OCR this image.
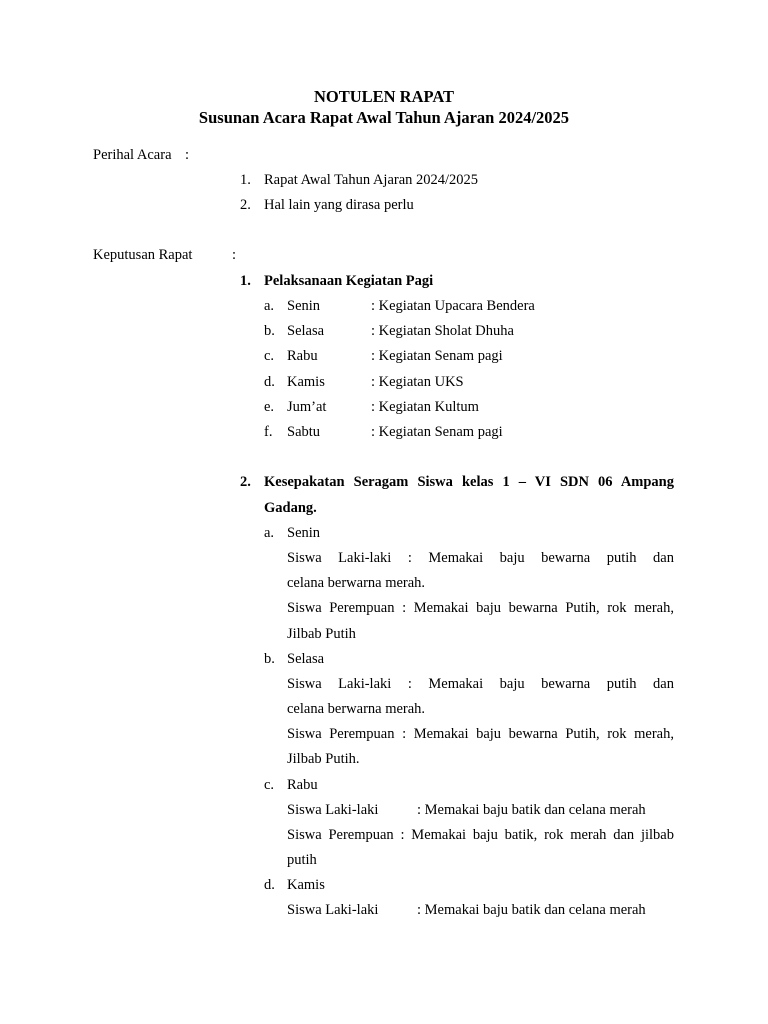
NOTULEN RAPAT
Susunan Acara Rapat Awal Tahun Ajaran 2024/2025
Perihal Acara :
1. Rapat Awal Tahun Ajaran 2024/2025
2. Hal lain yang dirasa perlu
Keputusan Rapat	:
1. Pelaksanaan Kegiatan Pagi
a. Senin	: Kegiatan Upacara Bendera
b. Selasa	: Kegiatan Sholat Dhuha
c. Rabu	: Kegiatan Senam pagi
d. Kamis	: Kegiatan UKS
e. Jum’at	: Kegiatan Kultum
f. Sabtu	: Kegiatan Senam pagi
2. Kesepakatan Seragam Siswa kelas 1 – VI SDN 06 Ampang
Gadang.
a. Senin
Siswa Laki-laki : Memakai baju bewarna putih dan
celana berwarna merah.
Siswa Perempuan : Memakai baju bewarna Putih, rok merah,
Jilbab Putih
b. Selasa
Siswa Laki-laki : Memakai baju bewarna putih dan
celana berwarna merah.
Siswa Perempuan : Memakai baju bewarna Putih, rok merah,
Jilbab Putih.
c. Rabu
Siswa Laki-laki	: Memakai baju batik dan celana merah
Siswa Perempuan : Memakai baju batik, rok merah dan jilbab
putih
d. Kamis
Siswa Laki-laki	: Memakai baju batik dan celana merah
